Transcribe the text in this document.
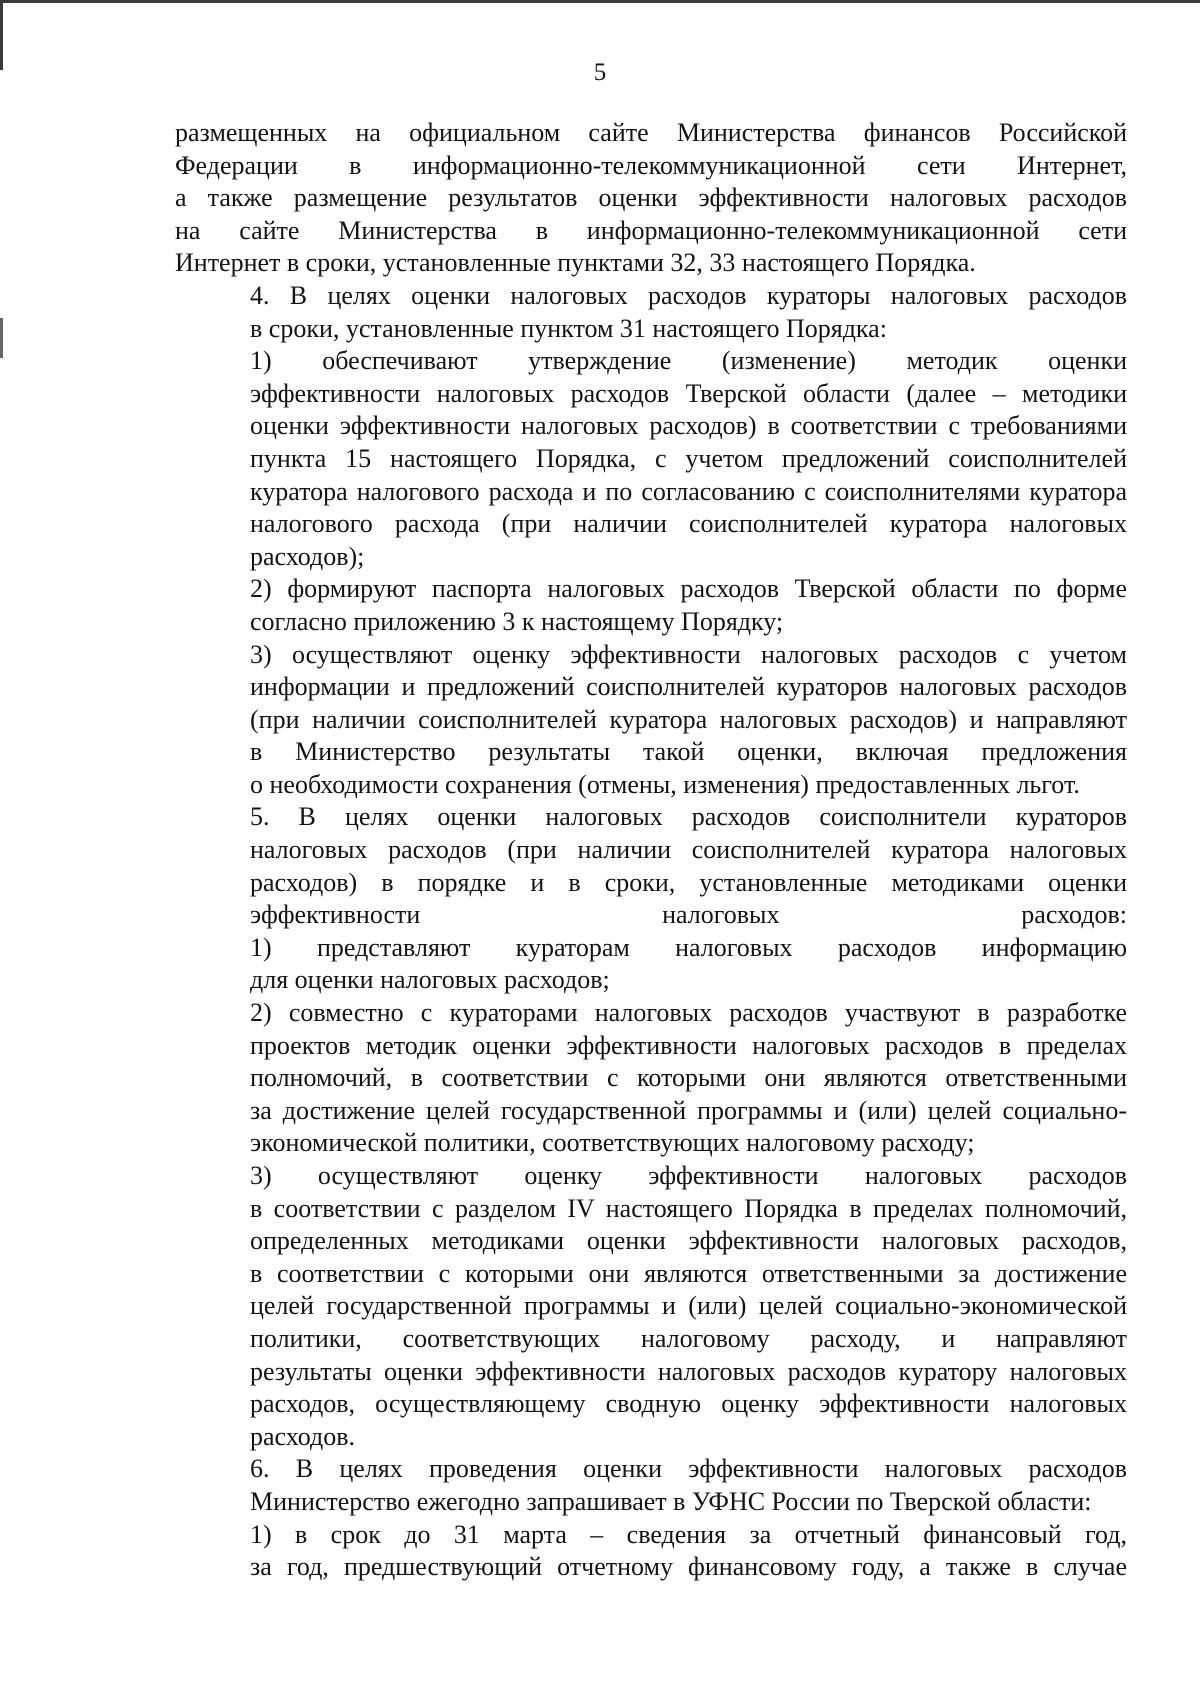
5

размещенных на официальном сайте Министерства финансов Российской
Федерации в информационно-телекоммуникационной сети Интернет,
а также размещение результатов оценки эффективности налоговых расходов
на сайте Министерства в информационно-телекоммуникационной сети
Интернет в сроки, установленные пунктами 32, 33 настоящего Порядка.

4. В целях оценки налоговых расходов кураторы налоговых расходов
в сроки, установленные пунктом 31 настоящего Порядка:

1) обеспечивают утверждение (изменение) методик оценки
эффективности налоговых расходов Тверской области (далее – методики
оценки эффективности налоговых расходов) в соответствии с требованиями
пункта 15 настоящего Порядка, с учетом предложений соисполнителей
куратора налогового расхода и по согласованию с соисполнителями куратора
налогового расхода (при наличии соисполнителей куратора налоговых
расходов);

2) формируют паспорта налоговых расходов Тверской области по форме
согласно приложению 3 к настоящему Порядку;

3) осуществляют оценку эффективности налоговых расходов с учетом
информации и предложений соисполнителей кураторов налоговых расходов
(при наличии соисполнителей куратора налоговых расходов) и направляют
в Министерство результаты такой оценки, включая предложения
о необходимости сохранения (отмены, изменения) предоставленных льгот.

5. В целях оценки налоговых расходов соисполнители кураторов
налоговых расходов (при наличии соисполнителей куратора налоговых
расходов) в порядке и в сроки, установленные методиками оценки
эффективности налоговых расходов:

1) представляют кураторам налоговых расходов информацию
для оценки налоговых расходов;

2) совместно с кураторами налоговых расходов участвуют в разработке
проектов методик оценки эффективности налоговых расходов в пределах
полномочий, в соответствии с которыми они являются ответственными
за достижение целей государственной программы и (или) целей социально-
экономической политики, соответствующих налоговому расходу;

3) осуществляют оценку эффективности налоговых расходов
в соответствии с разделом IV настоящего Порядка в пределах полномочий,
определенных методиками оценки эффективности налоговых расходов,
в соответствии с которыми они являются ответственными за достижение
целей государственной программы и (или) целей социально-экономической
политики, соответствующих налоговому расходу, и направляют
результаты оценки эффективности налоговых расходов куратору налоговых
расходов, осуществляющему сводную оценку эффективности налоговых
расходов.

6. В целях проведения оценки эффективности налоговых расходов
Министерство ежегодно запрашивает в УФНС России по Тверской области:

1) в срок до 31 марта – сведения за отчетный финансовый год,
за год, предшествующий отчетному финансовому году, а также в случае
